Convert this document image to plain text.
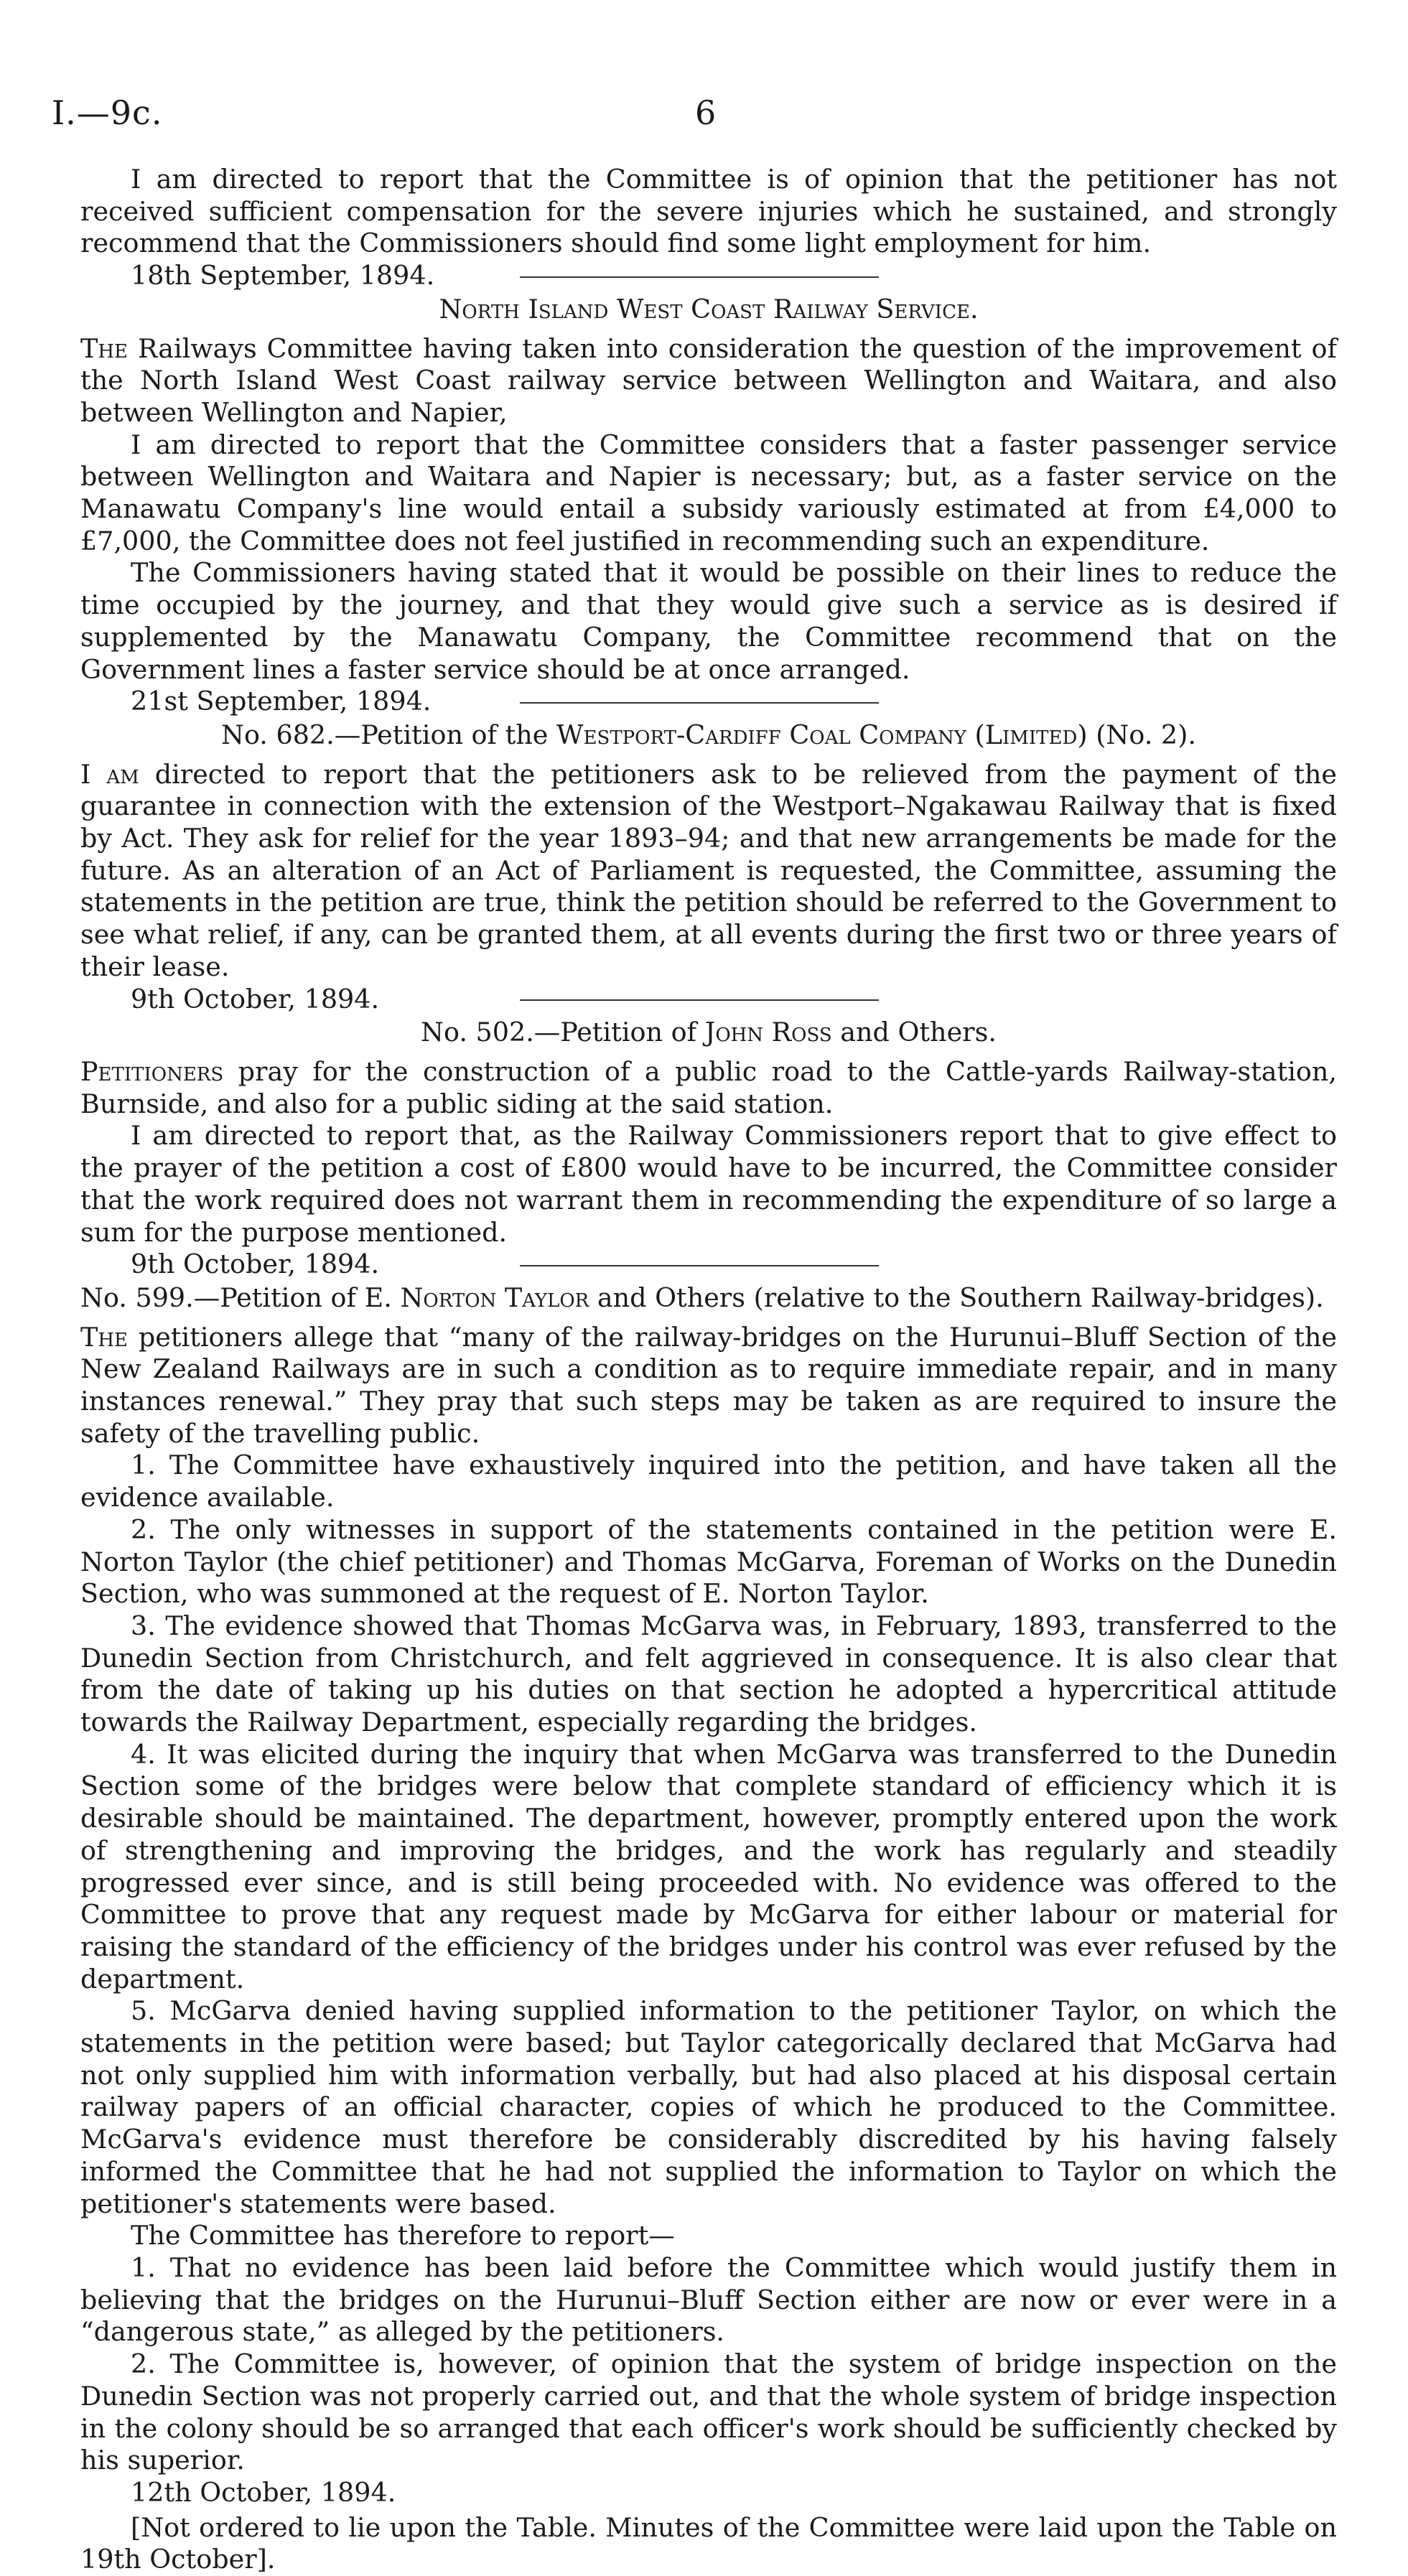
I.—9c.	6

I am directed to report that the Committee is of opinion that the petitioner has not received sufficient compensation for the severe injuries which he sustained, and strongly recommend that the Commissioners should find some light employment for him.

18th September, 1894.

North Island West Coast Railway Service.

The Railways Committee having taken into consideration the question of the improvement of the North Island West Coast railway service between Wellington and Waitara, and also between Wellington and Napier,

I am directed to report that the Committee considers that a faster passenger service between Wellington and Waitara and Napier is necessary; but, as a faster service on the Manawatu Company's line would entail a subsidy variously estimated at from £4,000 to £7,000, the Committee does not feel justified in recommending such an expenditure.

The Commissioners having stated that it would be possible on their lines to reduce the time occupied by the journey, and that they would give such a service as is desired if supplemented by the Manawatu Company, the Committee recommend that on the Government lines a faster service should be at once arranged.

21st September, 1894.

No. 682.—Petition of the Westport-Cardiff Coal Company (Limited) (No. 2).

I am directed to report that the petitioners ask to be relieved from the payment of the guarantee in connection with the extension of the Westport–Ngakawau Railway that is fixed by Act. They ask for relief for the year 1893–94; and that new arrangements be made for the future. As an alteration of an Act of Parliament is requested, the Committee, assuming the statements in the petition are true, think the petition should be referred to the Government to see what relief, if any, can be granted them, at all events during the first two or three years of their lease.

9th October, 1894.

No. 502.—Petition of John Ross and Others.

Petitioners pray for the construction of a public road to the Cattle-yards Railway-station, Burnside, and also for a public siding at the said station.

I am directed to report that, as the Railway Commissioners report that to give effect to the prayer of the petition a cost of £800 would have to be incurred, the Committee consider that the work required does not warrant them in recommending the expenditure of so large a sum for the purpose mentioned.

9th October, 1894.

No. 599.—Petition of E. Norton Taylor and Others (relative to the Southern Railway-bridges).

The petitioners allege that “many of the railway-bridges on the Hurunui–Bluff Section of the New Zealand Railways are in such a condition as to require immediate repair, and in many instances renewal.” They pray that such steps may be taken as are required to insure the safety of the travelling public.

1. The Committee have exhaustively inquired into the petition, and have taken all the evidence available.

2. The only witnesses in support of the statements contained in the petition were E. Norton Taylor (the chief petitioner) and Thomas McGarva, Foreman of Works on the Dunedin Section, who was summoned at the request of E. Norton Taylor.

3. The evidence showed that Thomas McGarva was, in February, 1893, transferred to the Dunedin Section from Christchurch, and felt aggrieved in consequence. It is also clear that from the date of taking up his duties on that section he adopted a hypercritical attitude towards the Railway Department, especially regarding the bridges.

4. It was elicited during the inquiry that when McGarva was transferred to the Dunedin Section some of the bridges were below that complete standard of efficiency which it is desirable should be maintained. The department, however, promptly entered upon the work of strengthening and improving the bridges, and the work has regularly and steadily progressed ever since, and is still being proceeded with. No evidence was offered to the Committee to prove that any request made by McGarva for either labour or material for raising the standard of the efficiency of the bridges under his control was ever refused by the department.

5. McGarva denied having supplied information to the petitioner Taylor, on which the statements in the petition were based; but Taylor categorically declared that McGarva had not only supplied him with information verbally, but had also placed at his disposal certain railway papers of an official character, copies of which he produced to the Committee. McGarva's evidence must therefore be considerably discredited by his having falsely informed the Committee that he had not supplied the information to Taylor on which the petitioner's statements were based.

The Committee has therefore to report—

1. That no evidence has been laid before the Committee which would justify them in believing that the bridges on the Hurunui–Bluff Section either are now or ever were in a “dangerous state,” as alleged by the petitioners.

2. The Committee is, however, of opinion that the system of bridge inspection on the Dunedin Section was not properly carried out, and that the whole system of bridge inspection in the colony should be so arranged that each officer's work should be sufficiently checked by his superior.

12th October, 1894.

[Not ordered to lie upon the Table. Minutes of the Committee were laid upon the Table on 19th October].
